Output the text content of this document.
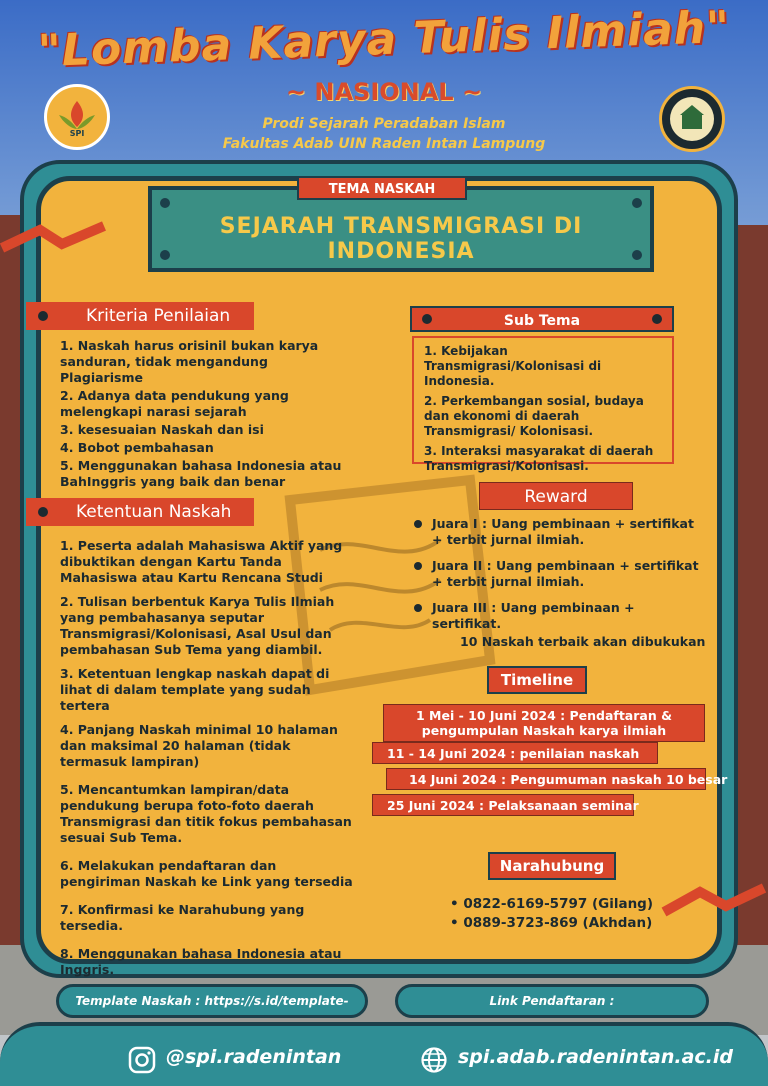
SPI
"Lomba Karya Tulis Ilmiah"
~ NASIONAL ~
Prodi Sejarah Peradaban Islam
Fakultas Adab UIN Raden Intan Lampung
TEMA NASKAH
SEJARAH TRANSMIGRASI DI INDONESIA
Kriteria Penilaian
1. Naskah harus orisinil bukan karya sanduran, tidak mengandung Plagiarisme
2. Adanya data pendukung yang melengkapi narasi sejarah
3. kesesuaian Naskah dan isi
4. Bobot pembahasan
5. Menggunakan bahasa Indonesia atau BahInggris yang baik dan benar
Ketentuan Naskah
1. Peserta adalah Mahasiswa Aktif yang dibuktikan dengan Kartu Tanda Mahasiswa atau Kartu Rencana Studi
2. Tulisan berbentuk Karya Tulis Ilmiah yang pembahasanya seputar Transmigrasi/Kolonisasi, Asal Usul dan pembahasan Sub Tema yang diambil.
3. Ketentuan lengkap naskah dapat di lihat di dalam template yang sudah tertera
4. Panjang Naskah minimal 10 halaman dan maksimal 20 halaman (tidak termasuk lampiran)
5. Mencantumkan lampiran/data pendukung berupa foto-foto daerah Transmigrasi dan titik fokus pembahasan sesuai Sub Tema.
6. Melakukan pendaftaran dan pengiriman Naskah ke Link yang tersedia
7. Konfirmasi ke Narahubung yang tersedia.
8. Menggunakan bahasa Indonesia atau Inggris.
Sub Tema
1. Kebijakan Transmigrasi/Kolonisasi di Indonesia.
2. Perkembangan sosial, budaya dan ekonomi di daerah Transmigrasi/ Kolonisasi.
3. Interaksi masyarakat di daerah Transmigrasi/Kolonisasi.
Reward
Juara I : Uang pembinaan + sertifikat + terbit jurnal ilmiah.
Juara II : Uang pembinaan + sertifikat + terbit jurnal ilmiah.
Juara III : Uang pembinaan + sertifikat.
10 Naskah terbaik akan dibukukan
Timeline
1 Mei - 10 Juni 2024 : Pendaftaran & pengumpulan Naskah karya ilmiah
11 - 14 Juni 2024 : penilaian naskah
14 Juni 2024 : Pengumuman naskah 10 besar
25 Juni 2024 : Pelaksanaan seminar
Narahubung
• 0822-6169-5797 (Gilang)
• 0889-3723-869 (Akhdan)
Template Naskah : https://s.id/template-	Link Pendaftaran :
@spi.radenintan	spi.adab.radenintan.ac.id
